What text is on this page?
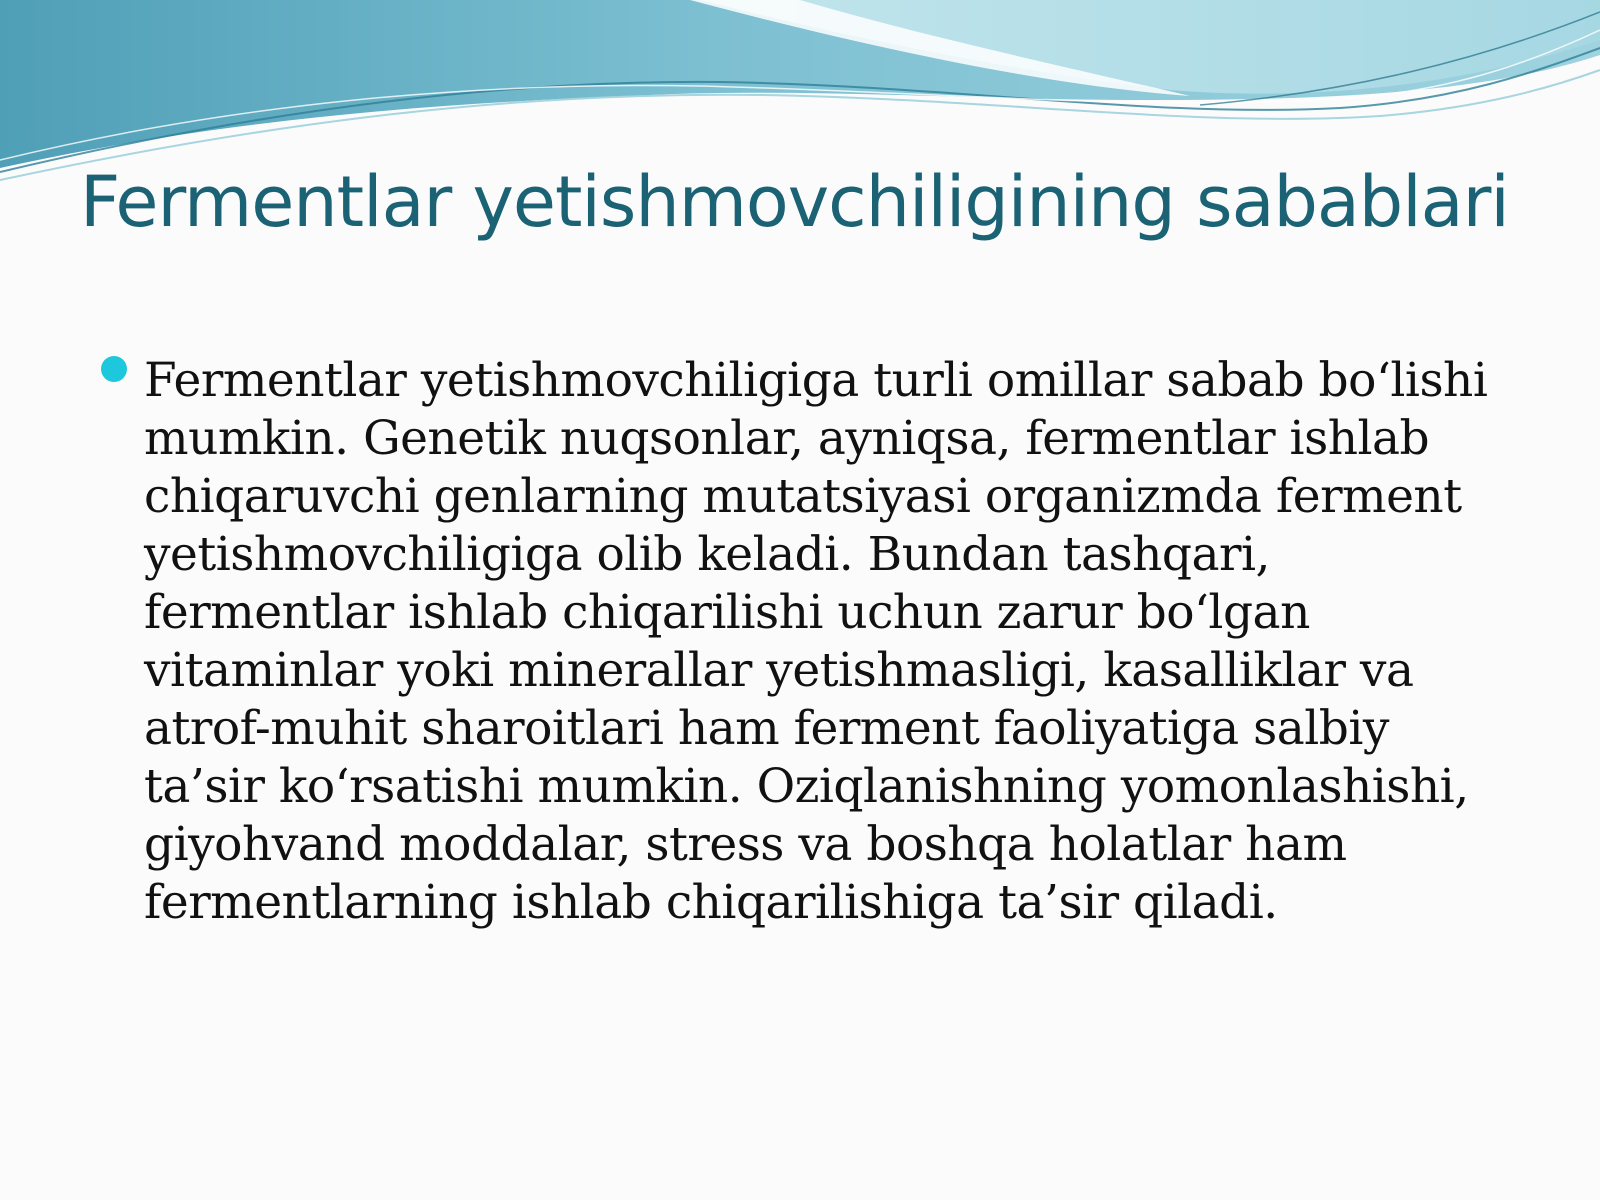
Fermentlar yetishmovchiligining sabablari
Fermentlar yetishmovchiligiga turli omillar sabab bo‘lishi mumkin. Genetik nuqsonlar, ayniqsa, fermentlar ishlab chiqaruvchi genlarning mutatsiyasi organizmda ferment yetishmovchiligiga olib keladi. Bundan tashqari, fermentlar ishlab chiqarilishi uchun zarur bo‘lgan vitaminlar yoki minerallar yetishmasligi, kasalliklar va atrof-muhit sharoitlari ham ferment faoliyatiga salbiy ta’sir ko‘rsatishi mumkin. Oziqlanishning yomonlashishi, giyohvand moddalar, stress va boshqa holatlar ham fermentlarning ishlab chiqarilishiga ta’sir qiladi.
